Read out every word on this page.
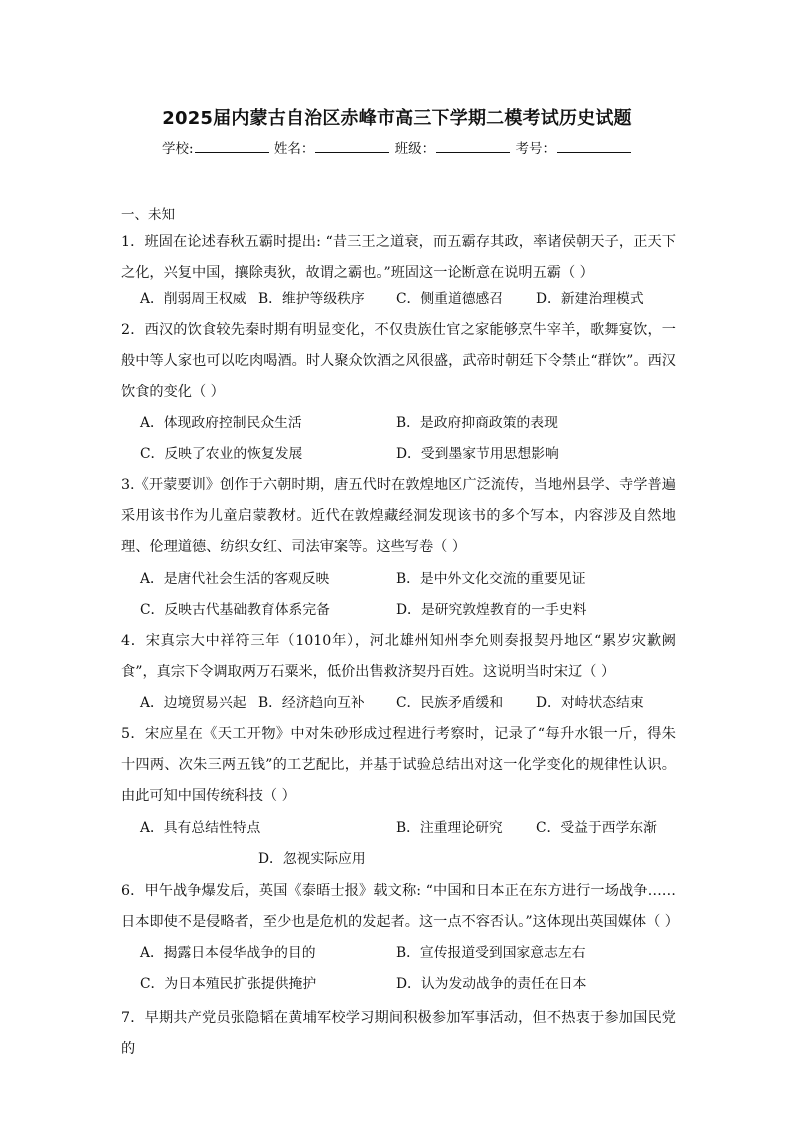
2025届内蒙古自治区赤峰市高三下学期二模考试历史试题
学校:	姓名：	班级：	考号：
一、未知
1．班固在论述春秋五霸时提出: “昔三王之道衰，而五霸存其政，率诸侯朝天子，正天下之化，兴复中国，攘除夷狄，故谓之霸也。”班固这一论断意在说明五霸（ ）
A．削弱周王权威 B．维护等级秩序 C．侧重道德感召 D．新建治理模式
2．西汉的饮食较先秦时期有明显变化，不仅贵族仕官之家能够烹牛宰羊，歌舞宴饮，一般中等人家也可以吃肉喝酒。时人聚众饮酒之风很盛，武帝时朝廷下令禁止“群饮”。西汉饮食的变化（ ）
A．体现政府控制民众生活	B．是政府抑商政策的表现
C．反映了农业的恢复发展	D．受到墨家节用思想影响
3.《开蒙要训》创作于六朝时期，唐五代时在敦煌地区广泛流传，当地州县学、寺学普遍采用该书作为儿童启蒙教材。近代在敦煌藏经洞发现该书的多个写本，内容涉及自然地理、伦理道德、纺织女红、司法审案等。这些写卷（ ）
A．是唐代社会生活的客观反映	B．是中外文化交流的重要见证
C．反映古代基础教育体系完备	D．是研究敦煌教育的一手史料
4．宋真宗大中祥符三年（1010年），河北雄州知州李允则奏报契丹地区“累岁灾歉阙食”，真宗下令调取两万石粟米，低价出售救济契丹百姓。这说明当时宋辽（ ）
A．边境贸易兴起 B．经济趋向互补 C．民族矛盾缓和 D．对峙状态结束
5．宋应星在《天工开物》中对朱砂形成过程进行考察时，记录了“每升水银一斤，得朱十四两、次朱三两五钱”的工艺配比，并基于试验总结出对这一化学变化的规律性认识。由此可知中国传统科技（ ）
A．具有总结性特点	B．注重理论研究 C．受益于西学东渐
D．忽视实际应用
6．甲午战争爆发后，英国《泰晤士报》载文称: “中国和日本正在东方进行一场战争……日本即使不是侵略者，至少也是危机的发起者。这一点不容否认。”这体现出英国媒体（ ）
A．揭露日本侵华战争的目的	B．宣传报道受到国家意志左右
C．为日本殖民扩张提供掩护	D．认为发动战争的责任在日本
7．早期共产党员张隐韬在黄埔军校学习期间积极参加军事活动，但不热衷于参加国民党的
